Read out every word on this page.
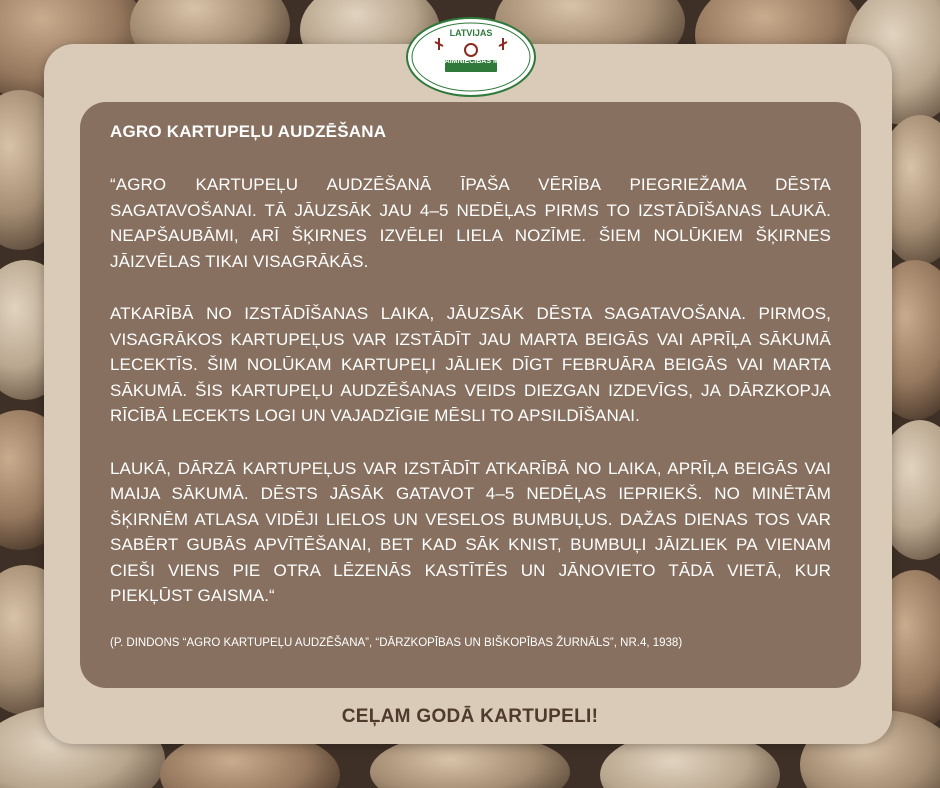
LATVIJAS
LAUKSAIMNIECĪBAS MUZEJS
AGRO KARTUPEĻU AUDZĒŠANA

“AGRO KARTUPEĻU AUDZĒŠANĀ ĪPAŠA VĒRĪBA PIEGRIEŽAMA DĒSTA SAGATAVOŠANAI. TĀ JĀUZSĀK JAU 4–5 NEDĒĻAS PIRMS TO IZSTĀDĪŠANAS LAUKĀ. NEAPŠAUBĀMI, ARĪ ŠĶIRNES IZVĒLEI LIELA NOZĪME. ŠIEM NOLŪKIEM ŠĶIRNES JĀIZVĒLAS TIKAI VISAGRĀKĀS.

ATKARĪBĀ NO IZSTĀDĪŠANAS LAIKA, JĀUZSĀK DĒSTA SAGATAVOŠANA. PIRMOS, VISAGRĀKOS KARTUPEĻUS VAR IZSTĀDĪT JAU MARTA BEIGĀS VAI APRĪĻA SĀKUMĀ LECEKTĪS. ŠIM NOLŪKAM KARTUPEĻI JĀLIEK DĪGT FEBRUĀRA BEIGĀS VAI MARTA SĀKUMĀ. ŠIS KARTUPEĻU AUDZĒŠANAS VEIDS DIEZGAN IZDEVĪGS, JA DĀRZKOPJA RĪCĪBĀ LECEKTS LOGI UN VAJADZĪGIE MĒSLI TO APSILDĪŠANAI.

LAUKĀ, DĀRZĀ KARTUPEĻUS VAR IZSTĀDĪT ATKARĪBĀ NO LAIKA, APRĪĻA BEIGĀS VAI MAIJA SĀKUMĀ. DĒSTS JĀSĀK GATAVOT 4–5 NEDĒĻAS IEPRIEKŠ. NO MINĒTĀM ŠĶIRNĒM ATLASA VIDĒJI LIELOS UN VESELOS BUMBUĻUS. DAŽAS DIENAS TOS VAR SABĒRT GUBĀS APVĪTĒŠANAI, BET KAD SĀK KNIST, BUMBUĻI JĀIZLIEK PA VIENAM CIEŠI VIENS PIE OTRA LĒZENĀS KASTĪTĒS UN JĀNOVIETO TĀDĀ VIETĀ, KUR PIEKĻŪST GAISMA.“

(P. DINDONS “AGRO KARTUPEĻU AUDZĒŠANA”, “DĀRZKOPĪBAS UN BIŠKOPĪBAS ŽURNĀLS”, NR.4, 1938)

CEĻAM GODĀ KARTUPELI!
